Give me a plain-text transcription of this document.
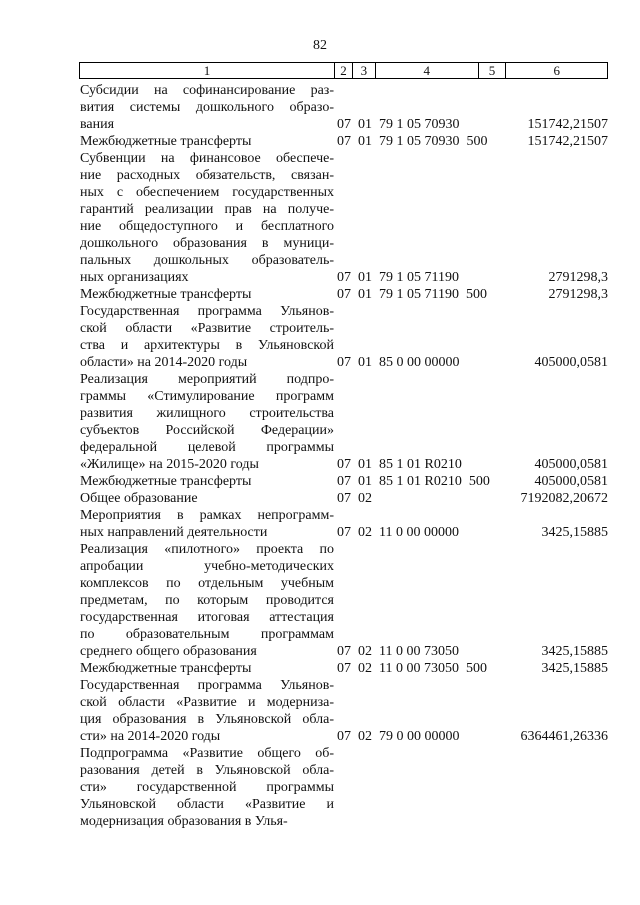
82
1	2	3	4	5	6
Субсидии на софинансирование раз-
вития системы дошкольного образо-
вания	07  01  79 1 05 70930	151742,21507
Межбюджетные трансферты	07  01  79 1 05 70930  500	151742,21507
Субвенции на финансовое обеспече-
ние расходных обязательств, связан-
ных с обеспечением государственных
гарантий реализации прав на получе-
ние общедоступного и бесплатного
дошкольного образования в муници-
пальных дошкольных образователь-
ных организациях	07  01  79 1 05 71190	2791298,3
Межбюджетные трансферты	07  01  79 1 05 71190  500	2791298,3
Государственная программа Ульянов-
ской области «Развитие строитель-
ства и архитектуры в Ульяновской
области» на 2014-2020 годы	07  01  85 0 00 00000	405000,0581
Реализация мероприятий подпро-
граммы «Стимулирование программ
развития жилищного строительства
субъектов Российской Федерации»
федеральной целевой программы
«Жилище» на 2015-2020 годы	07  01  85 1 01 R0210	405000,0581
Межбюджетные трансферты	07  01  85 1 01 R0210  500	405000,0581
Общее образование	07  02	7192082,20672
Мероприятия в рамках непрограмм-
ных направлений деятельности	07  02  11 0 00 00000	3425,15885
Реализация «пилотного» проекта по
апробации учебно-методических
комплексов по отдельным учебным
предметам, по которым проводится
государственная итоговая аттестация
по образовательным программам
среднего общего образования	07  02  11 0 00 73050	3425,15885
Межбюджетные трансферты	07  02  11 0 00 73050  500	3425,15885
Государственная программа Ульянов-
ской области «Развитие и модерниза-
ция образования в Ульяновской обла-
сти» на 2014-2020 годы	07  02  79 0 00 00000	6364461,26336
Подпрограмма «Развитие общего об-
разования детей в Ульяновской обла-
сти» государственной программы
Ульяновской области «Развитие и
модернизация образования в Улья-
